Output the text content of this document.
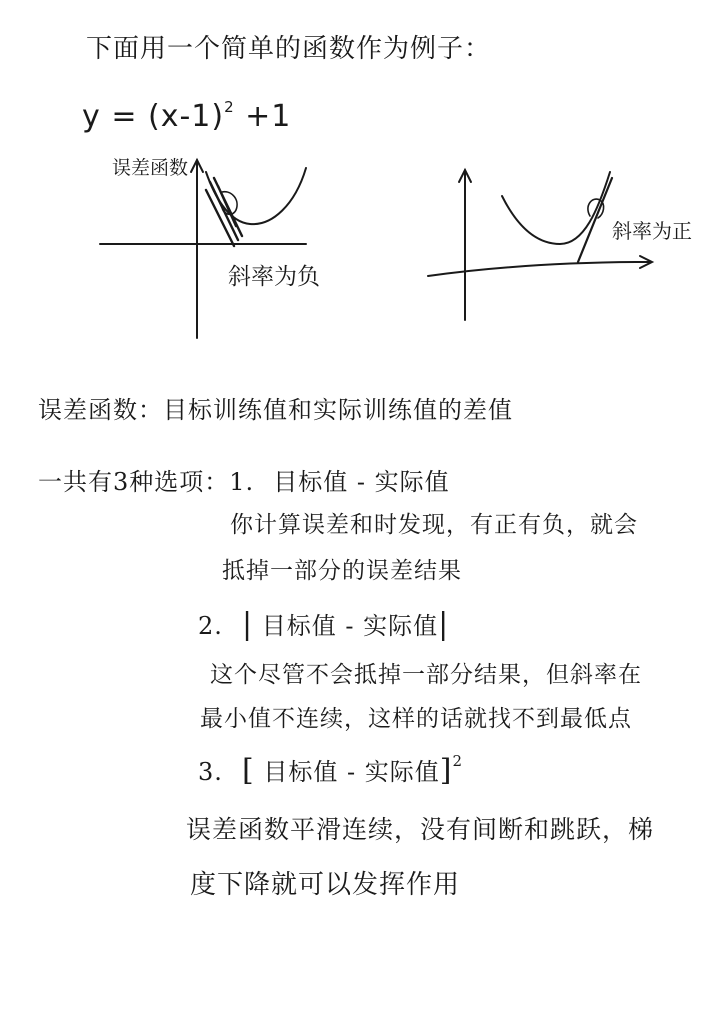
下面用一个简单的函数作为例子：
$y = (x-1)^2 +1$
误差函数
斜率为负
斜率为正
误差函数：目标训练值和实际训练值的差值
一共有3种选项：1. 目标值 - 实际值
你计算误差和时发现，有正有负，就会
抵掉一部分的误差结果
2. | 目标值 - 实际值|
这个尽管不会抵掉一部分结果，但斜率在
最小值不连续，这样的话就找不到最低点
3. [ 目标值 - 实际值]$^2$
误差函数平滑连续，没有间断和跳跃，梯
度下降就可以发挥作用
